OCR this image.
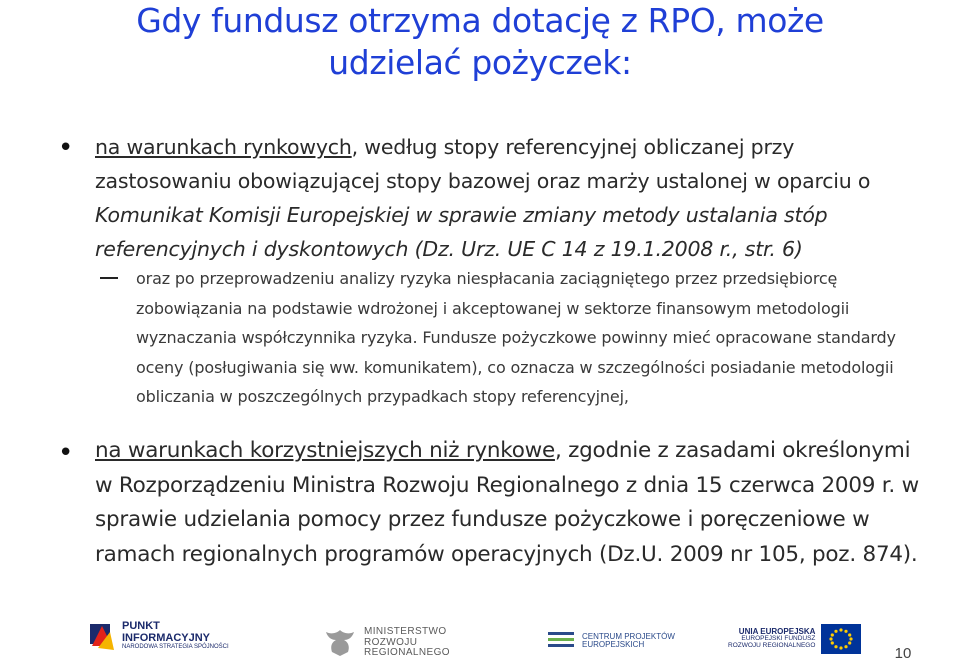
Gdy fundusz otrzyma dotację z RPO, może
udzielać pożyczek:
• na warunkach rynkowych, według stopy referencyjnej obliczanej przy zastosowaniu obowiązującej stopy bazowej oraz marży ustalonej w oparciu o Komunikat Komisji Europejskiej w sprawie zmiany metody ustalania stóp referencyjnych i dyskontowych (Dz. Urz. UE C 14 z 19.1.2008 r., str. 6)
oraz po przeprowadzeniu analizy ryzyka niespłacania zaciągniętego przez przedsiębiorcę zobowiązania na podstawie wdrożonej i akceptowanej w sektorze finansowym metodologii wyznaczania współczynnika ryzyka. Fundusze pożyczkowe powinny mieć opracowane standardy oceny (posługiwania się ww. komunikatem), co oznacza w szczególności posiadanie metodologii obliczania w poszczególnych przypadkach stopy referencyjnej,
• na warunkach korzystniejszych niż rynkowe, zgodnie z zasadami określonymi w Rozporządzeniu Ministra Rozwoju Regionalnego z dnia 15 czerwca 2009 r. w sprawie udzielania pomocy przez fundusze pożyczkowe i poręczeniowe w ramach regionalnych programów operacyjnych (Dz.U. 2009 nr 105, poz. 874).
PUNKT
INFORMACYJNY
NARODOWA STRATEGIA SPÓJNOŚCI
MINISTERSTWO
ROZWOJU
REGIONALNEGO
CENTRUM PROJEKTÓW
EUROPEJSKICH
UNIA EUROPEJSKA
EUROPEJSKI FUNDUSZ
ROZWOJU REGIONALNEGO	10
